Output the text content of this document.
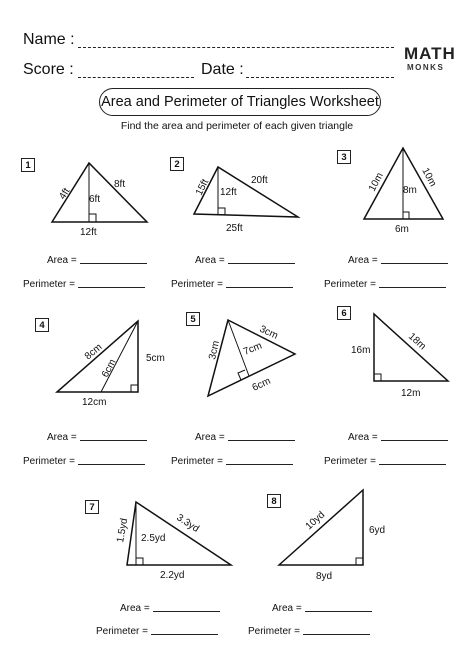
Name :
Score :	Date :
MATH
MONKS
Area and Perimeter of Triangles Worksheet
Find the area and perimeter of each given triangle
1
4ft
8ft
6ft
12ft
2
15ft	20ft
12ft
25ft
3
10m	10m
8m
6m
Area =
Perimeter =
Area =
Perimeter =
Area =
Perimeter =
4
8cm
6cm	5cm
12cm
5
3cm
3cm
7cm
6cm
6
16m	18m
12m
Area =
Perimeter =
Area =
Perimeter =
Area =
Perimeter =
7
1.5yd	3.3yd
2.5yd
2.2yd
8
10yd	6yd
8yd
Area =
Perimeter =
Area =
Perimeter =
